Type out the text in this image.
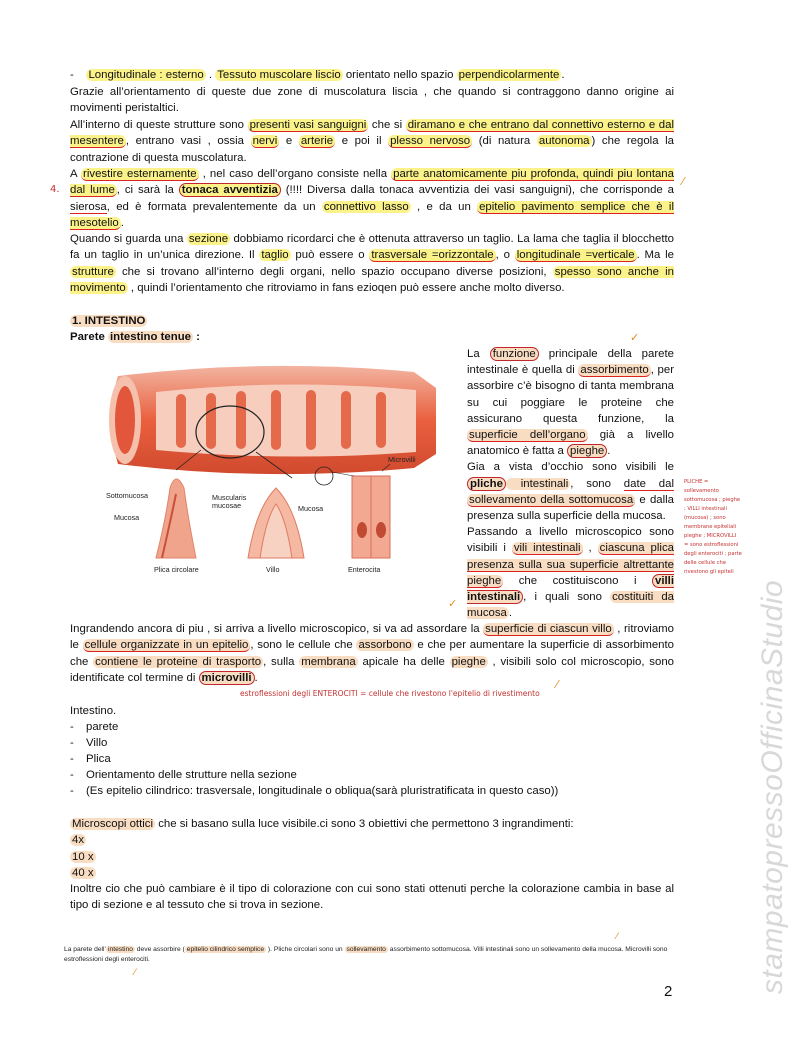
- Longitudinale : esterno . Tessuto muscolare liscio orientato nello spazio perpendicolarmente .
Grazie all’orientamento di queste due zone di muscolatura liscia , che quando si contraggono danno origine ai movimenti peristaltici.
All’interno di queste strutture sono presenti vasi sanguigni che si diramano e che entrano dal connettivo esterno e dal mesentere , entrano vasi , ossia nervi e arterie e poi il plesso nervoso (di natura autonoma ) che regola la contrazione di questa muscolatura.
A rivestire esternamente , nel caso dell’organo consiste nella parte anatomicamente piu profonda, quindi piu lontana dal lume , ci sarà la tonaca avventizia (!!!! Diversa dalla tonaca avventizia dei vasi sanguigni), che corrisponde a sierosa, ed è formata prevalentemente da un connettivo lasso , e da un epitelio pavimento semplice che è il mesotelio .
4.
⁄
Quando si guarda una sezione dobbiamo ricordarci che è ottenuta attraverso un taglio. La lama che taglia il blocchetto fa un taglio in un’unica direzione. Il taglio può essere o trasversale =orizzontale , o longitudinale =verticale . Ma le strutture che si trovano all’interno degli organi, nello spazio occupano diverse posizioni, spesso sono anche in movimento , quindi l’orientamento che ritroviamo in fans ezioqen può essere anche molto diverso.
1. INTESTINO
Parete intestino tenue :	✓
Microvilli
Sottomucosa
Mucosa
Muscularis
mucosae	Mucosa
Plica circolare	Villo	Enterocita
La funzione principale della parete intestinale è quella di assorbimento , per assorbire c’è bisogno di tanta membrana su cui poggiare le proteine che assicurano questa funzione, la superficie dell’organo già a livello anatomico è fatta a pieghe .
Gia a vista d’occhio sono visibili le pliche intestinali , sono date dal sollevamento della sottomucosa e dalla presenza sulla superficie della mucosa.
Passando a livello microscopico sono visibili i vili intestinali , ciascuna plica presenza sulla sua superficie altrettante pieghe che costituiscono i villi intestinali , i quali sono costituiti da mucosa .
✓
Ingrandendo ancora di piu , si arriva a livello microscopico, si va ad assordare la superficie di ciascun villo , ritroviamo le cellule organizzate in un epitelio , sono le cellule che assorbono e che per aumentare la superficie di assorbimento che contiene le proteine di trasporto , sulla membrana apicale ha delle pieghe , visibili solo col microscopio, sono identificate col termine di microvilli .
estroflessioni degli ENTEROCITI = cellule che rivestono l'epitelio di rivestimento
⁄
PLICHE = sollevamento sottomucosa ; pieghe ; VILLI intestinali (mucosa) ; sono membrane epiteliali pieghe ; MICROVILLI = sono estroflessioni degli enterociti ; parte delle cellule che rivestono gli epiteli
Intestino.
- parete
- Villo
- Plica
- Orientamento delle strutture nella sezione
- (Es epitelio cilindrico: trasversale, longitudinale o obliqua(sarà pluristratificata in questo caso))
Microscopi ottici che si basano sulla luce visibile.ci sono 3 obiettivi che permettono 3 ingrandimenti:
4x
10 x
40 x
Inoltre cio che può cambiare è il tipo di colorazione con cui sono stati ottenuti perche la colorazione cambia in base al tipo di sezione e al tessuto che si trova in sezione.
La parete dell’ intestino deve assorbire ( epitelio cilindrico semplice ). Pliche circolari sono un sollevamento assorbimento sottomucosa. Villi intestinali sono un sollevamento della mucosa. Microvilli sono estroflessioni degli enterociti.
⁄
⁄	stampatopressoOfficinaStudio
2
